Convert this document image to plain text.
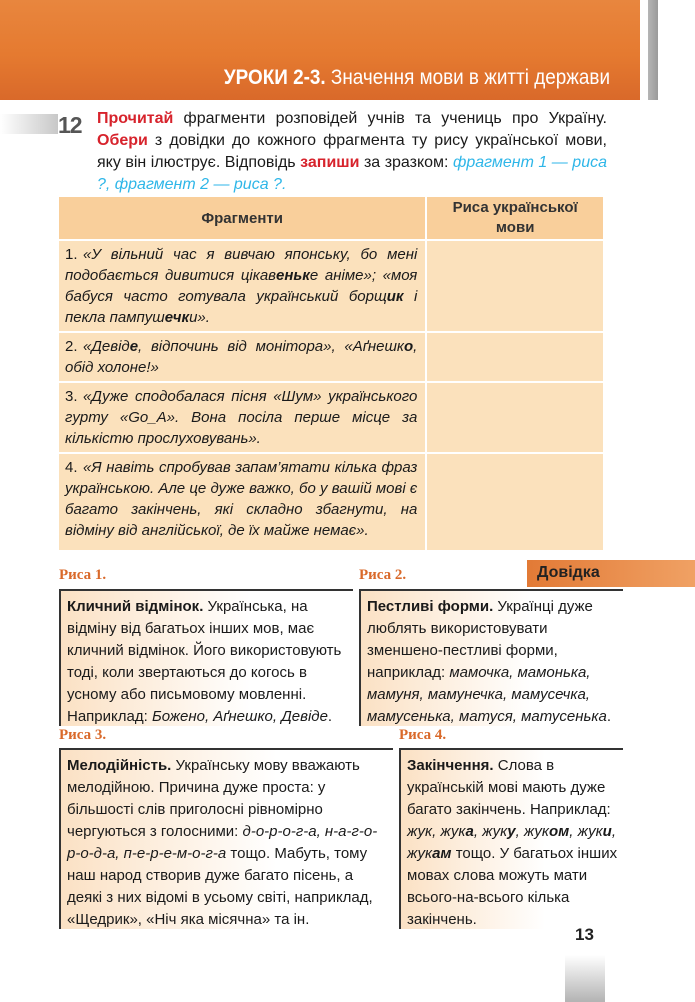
УРОКИ 2-3. Значення мови в житті держави
12 Прочитай фрагменти розповідей учнів та учениць про Україну. Обери з довідки до кожного фрагмента ту рису української мови, яку він ілюструє. Відповідь запиши за зразком: фрагмент 1 — риса ?, фрагмент 2 — риса ?.

Фрагменти	Риса української мови
1. «У вільний час я вивчаю японську, бо мені подобається дивитися цікавеньке аніме»; «моя бабуся часто готувала український борщик і пекла пампушечки».	
2. «Девіде, відпочинь від монітора», «Аґнешко, обід холоне!»	
3. «Дуже сподобалася пісня «Шум» українського гурту «Go_A». Вона посіла перше місце за кількістю прослуховувань».	
4. «Я навіть спробував запам’ятати кілька фраз українською. Але це дуже важко, бо у вашій мові є багато закінчень, які складно збагнути, на відміну від англійської, де їх майже немає».	
Довідка
Риса 1.
Кличний відмінок. Українська, на відміну від багатьох інших мов, має кличний відмінок. Його використовують тоді, коли звертаються до когось в усному або письмовому мовленні. Наприклад: Божено, Аґнешко, Девіде.
Риса 2.
Пестливі форми. Українці дуже люблять використовувати зменшено-пестливі форми, наприклад: мамочка, мамонька, мамуня, мамунечка, мамусечка, мамусенька, матуся, матусенька.
Риса 3.
Мелодійність. Українську мову вважають мелодійною. Причина дуже проста: у більшості слів приголосні рівномірно чергуються з голосними: д-о-р-о-г-а, н-а-г-о-р-о-д-а, п-е-р-е-м-о-г-а тощо. Мабуть, тому наш народ створив дуже багато пісень, а деякі з них відомі в усьому світі, наприклад, «Щедрик», «Ніч яка місячна» та ін.
Риса 4.
Закінчення. Слова в українській мові мають дуже багато закінчень. Наприклад: жук, жука, жуку, жуком, жуки, жукам тощо. У багатьох інших мовах слова можуть мати всього-на-всього кілька закінчень.
13
